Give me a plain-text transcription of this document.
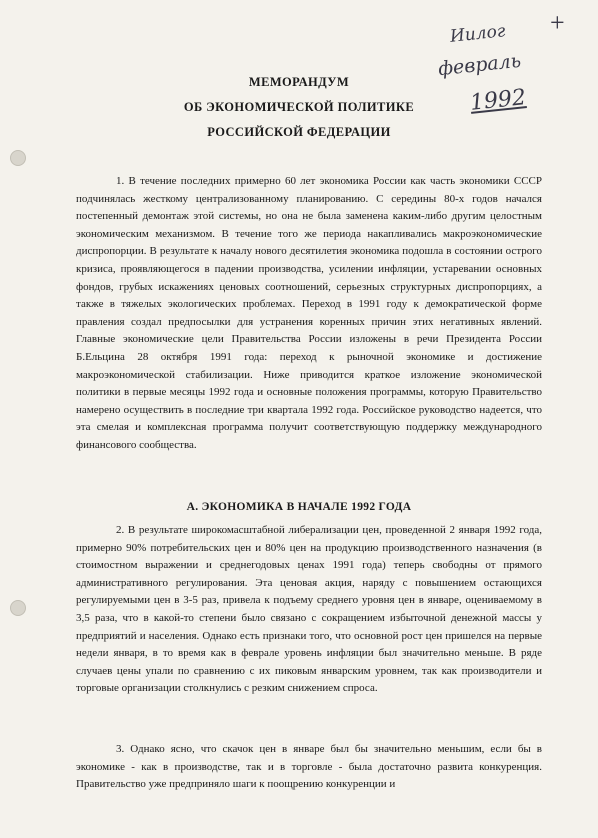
Иилог
февраль
1992
+
МЕМОРАНДУМ
ОБ ЭКОНОМИЧЕСКОЙ ПОЛИТИКЕ
РОССИЙСКОЙ ФЕДЕРАЦИИ

1. В течение последних примерно 60 лет экономика России как часть экономики СССР подчинялась жесткому централизованному планированию. С середины 80-х годов начался постепенный демонтаж этой системы, но она не была заменена каким-либо другим целостным экономическим механизмом. В течение того же периода накапливались макроэкономические диспропорции. В результате к началу нового десятилетия экономика подошла в состоянии острого кризиса, проявляющегося в падении производства, усилении инфляции, устаревании основных фондов, грубых искажениях ценовых соотношений, серьезных структурных диспропорциях, а также в тяжелых экологических проблемах. Переход в 1991 году к демократической форме правления создал предпосылки для устранения коренных причин этих негативных явлений. Главные экономические цели Правительства России изложены в речи Президента России Б.Ельцина 28 октября 1991 года: переход к рыночной экономике и достижение макроэкономической стабилизации. Ниже приводится краткое изложение экономической политики в первые месяцы 1992 года и основные положения программы, которую Правительство намерено осуществить в последние три квартала 1992 года. Российское руководство надеется, что эта смелая и комплексная программа получит соответствующую поддержку международного финансового сообщества.

А. ЭКОНОМИКА В НАЧАЛЕ 1992 ГОДА

2. В результате широкомасштабной либерализации цен, проведенной 2 января 1992 года, примерно 90% потребительских цен и 80% цен на продукцию производственного назначения (в стоимостном выражении и среднегодовых ценах 1991 года) теперь свободны от прямого административного регулирования. Эта ценовая акция, наряду с повышением остающихся регулируемыми цен в 3-5 раз, привела к подъему среднего уровня цен в январе, оцениваемому в 3,5 раза, что в какой-то степени было связано с сокращением избыточной денежной массы у предприятий и населения. Однако есть признаки того, что основной рост цен пришелся на первые недели января, в то время как в феврале уровень инфляции был значительно меньше. В ряде случаев цены упали по сравнению с их пиковым январским уровнем, так как производители и торговые организации столкнулись с резким снижением спроса.

3. Однако ясно, что скачок цен в январе был бы значительно меньшим, если бы в экономике - как в производстве, так и в торговле - была достаточно развита конкуренция. Правительство уже предприняло шаги к поощрению конкуренции и
